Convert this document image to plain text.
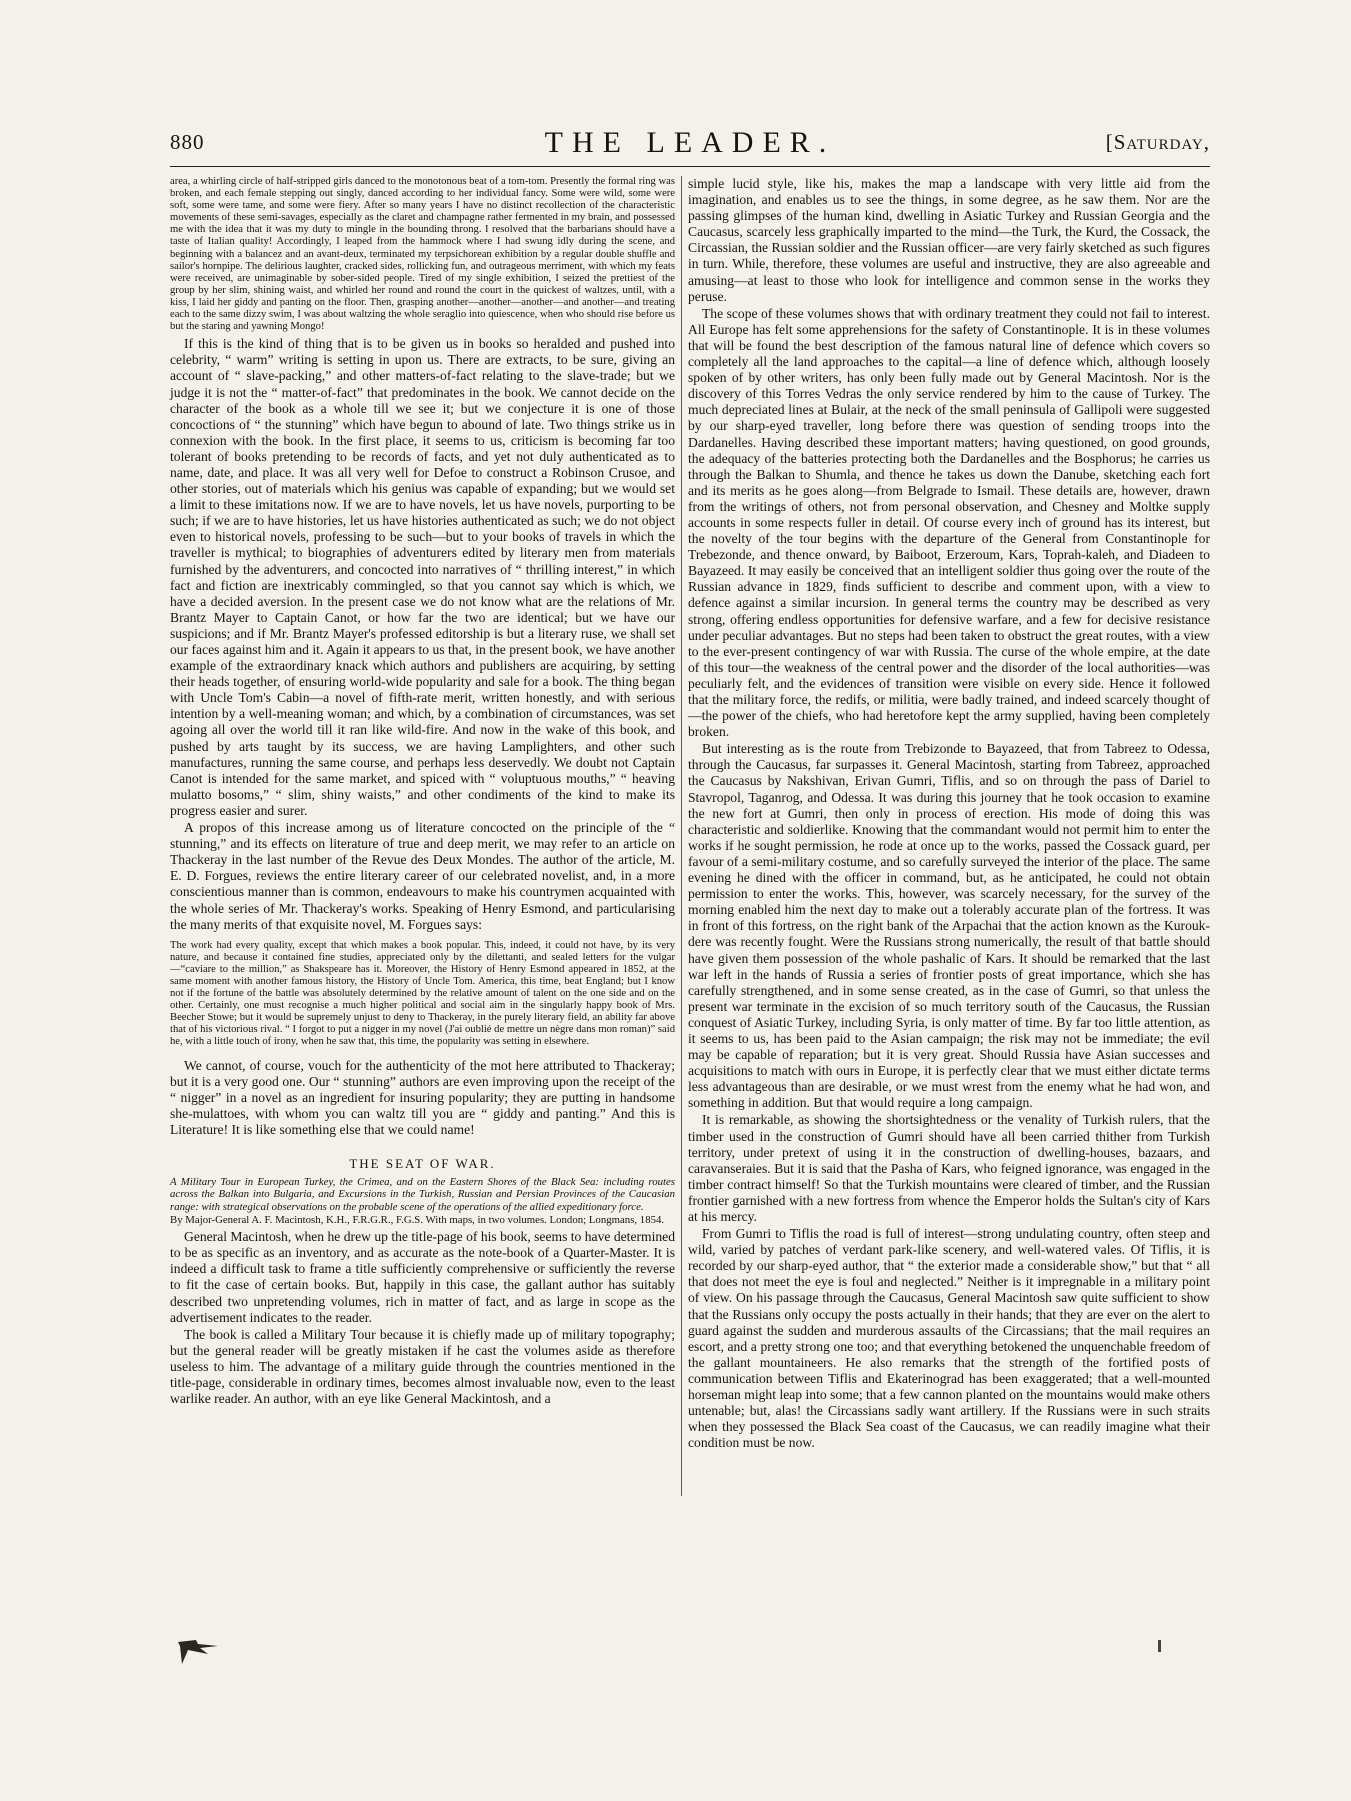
880	THE LEADER.	[Saturday,

area, a whirling circle of half-stripped girls danced to the monotonous beat of a tom-tom. Presently the formal ring was broken, and each female stepping out singly, danced according to her individual fancy. Some were wild, some were soft, some were tame, and some were fiery. After so many years I have no distinct recollection of the characteristic movements of these semi-savages, especially as the claret and champagne rather fermented in my brain, and possessed me with the idea that it was my duty to mingle in the bounding throng. I resolved that the barbarians should have a taste of Italian quality! Accordingly, I leaped from the hammock where I had swung idly during the scene, and beginning with a balancez and an avant-deux, terminated my terpsichorean exhibition by a regular double shuffle and sailor's hornpipe. The delirious laughter, cracked sides, rollicking fun, and outrageous merriment, with which my feats were received, are unimaginable by sober-sided people. Tired of my single exhibition, I seized the prettiest of the group by her slim, shining waist, and whirled her round and round the court in the quickest of waltzes, until, with a kiss, I laid her giddy and panting on the floor. Then, grasping another—another—another—and another—and treating each to the same dizzy swim, I was about waltzing the whole seraglio into quiescence, when who should rise before us but the staring and yawning Mongo!

If this is the kind of thing that is to be given us in books so heralded and pushed into celebrity, “ warm” writing is setting in upon us. There are extracts, to be sure, giving an account of “ slave-packing,” and other matters-of-fact relating to the slave-trade; but we judge it is not the “ matter-of-fact” that predominates in the book. We cannot decide on the character of the book as a whole till we see it; but we conjecture it is one of those concoctions of “ the stunning” which have begun to abound of late. Two things strike us in connexion with the book. In the first place, it seems to us, criticism is becoming far too tolerant of books pretending to be records of facts, and yet not duly authenticated as to name, date, and place. It was all very well for Defoe to construct a Robinson Crusoe, and other stories, out of materials which his genius was capable of expanding; but we would set a limit to these imitations now. If we are to have novels, let us have novels, purporting to be such; if we are to have histories, let us have histories authenticated as such; we do not object even to historical novels, professing to be such—but to your books of travels in which the traveller is mythical; to biographies of adventurers edited by literary men from materials furnished by the adventurers, and concocted into narratives of “ thrilling interest,” in which fact and fiction are inextricably commingled, so that you cannot say which is which, we have a decided aversion. In the present case we do not know what are the relations of Mr. Brantz Mayer to Captain Canot, or how far the two are identical; but we have our suspicions; and if Mr. Brantz Mayer's professed editorship is but a literary ruse, we shall set our faces against him and it. Again it appears to us that, in the present book, we have another example of the extraordinary knack which authors and publishers are acquiring, by setting their heads together, of ensuring world-wide popularity and sale for a book. The thing began with Uncle Tom's Cabin—a novel of fifth-rate merit, written honestly, and with serious intention by a well-meaning woman; and which, by a combination of circumstances, was set agoing all over the world till it ran like wild-fire. And now in the wake of this book, and pushed by arts taught by its success, we are having Lamplighters, and other such manufactures, running the same course, and perhaps less deservedly. We doubt not Captain Canot is intended for the same market, and spiced with “ voluptuous mouths,” “ heaving mulatto bosoms,” “ slim, shiny waists,” and other condiments of the kind to make its progress easier and surer.

A propos of this increase among us of literature concocted on the principle of the “ stunning,” and its effects on literature of true and deep merit, we may refer to an article on Thackeray in the last number of the Revue des Deux Mondes. The author of the article, M. E. D. Forgues, reviews the entire literary career of our celebrated novelist, and, in a more conscientious manner than is common, endeavours to make his countrymen acquainted with the whole series of Mr. Thackeray's works. Speaking of Henry Esmond, and particularising the many merits of that exquisite novel, M. Forgues says:

The work had every quality, except that which makes a book popular. This, indeed, it could not have, by its very nature, and because it contained fine studies, appreciated only by the dilettanti, and sealed letters for the vulgar—“caviare to the million,” as Shakspeare has it. Moreover, the History of Henry Esmond appeared in 1852, at the same moment with another famous history, the History of Uncle Tom. America, this time, beat England; but I know not if the fortune of the battle was absolutely determined by the relative amount of talent on the one side and on the other. Certainly, one must recognise a much higher political and social aim in the singularly happy book of Mrs. Beecher Stowe; but it would be supremely unjust to deny to Thackeray, in the purely literary field, an ability far above that of his victorious rival. “ I forgot to put a nigger in my novel (J'ai oublié de mettre un nègre dans mon roman)” said he, with a little touch of irony, when he saw that, this time, the popularity was setting in elsewhere.

We cannot, of course, vouch for the authenticity of the mot here attributed to Thackeray; but it is a very good one. Our “ stunning” authors are even improving upon the receipt of the “ nigger” in a novel as an ingredient for insuring popularity; they are putting in handsome she-mulattoes, with whom you can waltz till you are “ giddy and panting.” And this is Literature! It is like something else that we could name!

THE SEAT OF WAR.

A Military Tour in European Turkey, the Crimea, and on the Eastern Shores of the Black Sea: including routes across the Balkan into Bulgaria, and Excursions in the Turkish, Russian and Persian Provinces of the Caucasian range: with strategical observations on the probable scene of the operations of the allied expeditionary force.

By Major-General A. F. Macintosh, K.H., F.R.G.R., F.G.S. With maps, in two volumes. London; Longmans, 1854.

General Macintosh, when he drew up the title-page of his book, seems to have determined to be as specific as an inventory, and as accurate as the note-book of a Quarter-Master. It is indeed a difficult task to frame a title sufficiently comprehensive or sufficiently the reverse to fit the case of certain books. But, happily in this case, the gallant author has suitably described two unpretending volumes, rich in matter of fact, and as large in scope as the advertisement indicates to the reader.

The book is called a Military Tour because it is chiefly made up of military topography; but the general reader will be greatly mistaken if he cast the volumes aside as therefore useless to him. The advantage of a military guide through the countries mentioned in the title-page, considerable in ordinary times, becomes almost invaluable now, even to the least warlike reader. An author, with an eye like General Mackintosh, and a

simple lucid style, like his, makes the map a landscape with very little aid from the imagination, and enables us to see the things, in some degree, as he saw them. Nor are the passing glimpses of the human kind, dwelling in Asiatic Turkey and Russian Georgia and the Caucasus, scarcely less graphically imparted to the mind—the Turk, the Kurd, the Cossack, the Circassian, the Russian soldier and the Russian officer—are very fairly sketched as such figures in turn. While, therefore, these volumes are useful and instructive, they are also agreeable and amusing—at least to those who look for intelligence and common sense in the works they peruse.

The scope of these volumes shows that with ordinary treatment they could not fail to interest. All Europe has felt some apprehensions for the safety of Constantinople. It is in these volumes that will be found the best description of the famous natural line of defence which covers so completely all the land approaches to the capital—a line of defence which, although loosely spoken of by other writers, has only been fully made out by General Macintosh. Nor is the discovery of this Torres Vedras the only service rendered by him to the cause of Turkey. The much depreciated lines at Bulair, at the neck of the small peninsula of Gallipoli were suggested by our sharp-eyed traveller, long before there was question of sending troops into the Dardanelles. Having described these important matters; having questioned, on good grounds, the adequacy of the batteries protecting both the Dardanelles and the Bosphorus; he carries us through the Balkan to Shumla, and thence he takes us down the Danube, sketching each fort and its merits as he goes along—from Belgrade to Ismail. These details are, however, drawn from the writings of others, not from personal observation, and Chesney and Moltke supply accounts in some respects fuller in detail. Of course every inch of ground has its interest, but the novelty of the tour begins with the departure of the General from Constantinople for Trebezonde, and thence onward, by Baiboot, Erzeroum, Kars, Toprah-kaleh, and Diadeen to Bayazeed. It may easily be conceived that an intelligent soldier thus going over the route of the Russian advance in 1829, finds sufficient to describe and comment upon, with a view to defence against a similar incursion. In general terms the country may be described as very strong, offering endless opportunities for defensive warfare, and a few for decisive resistance under peculiar advantages. But no steps had been taken to obstruct the great routes, with a view to the ever-present contingency of war with Russia. The curse of the whole empire, at the date of this tour—the weakness of the central power and the disorder of the local authorities—was peculiarly felt, and the evidences of transition were visible on every side. Hence it followed that the military force, the redifs, or militia, were badly trained, and indeed scarcely thought of—the power of the chiefs, who had heretofore kept the army supplied, having been completely broken.

But interesting as is the route from Trebizonde to Bayazeed, that from Tabreez to Odessa, through the Caucasus, far surpasses it. General Macintosh, starting from Tabreez, approached the Caucasus by Nakshivan, Erivan Gumri, Tiflis, and so on through the pass of Dariel to Stavropol, Taganrog, and Odessa. It was during this journey that he took occasion to examine the new fort at Gumri, then only in process of erection. His mode of doing this was characteristic and soldierlike. Knowing that the commandant would not permit him to enter the works if he sought permission, he rode at once up to the works, passed the Cossack guard, per favour of a semi-military costume, and so carefully surveyed the interior of the place. The same evening he dined with the officer in command, but, as he anticipated, he could not obtain permission to enter the works. This, however, was scarcely necessary, for the survey of the morning enabled him the next day to make out a tolerably accurate plan of the fortress. It was in front of this fortress, on the right bank of the Arpachai that the action known as the Kurouk-dere was recently fought. Were the Russians strong numerically, the result of that battle should have given them possession of the whole pashalic of Kars. It should be remarked that the last war left in the hands of Russia a series of frontier posts of great importance, which she has carefully strengthened, and in some sense created, as in the case of Gumri, so that unless the present war terminate in the excision of so much territory south of the Caucasus, the Russian conquest of Asiatic Turkey, including Syria, is only matter of time. By far too little attention, as it seems to us, has been paid to the Asian campaign; the risk may not be immediate; the evil may be capable of reparation; but it is very great. Should Russia have Asian successes and acquisitions to match with ours in Europe, it is perfectly clear that we must either dictate terms less advantageous than are desirable, or we must wrest from the enemy what he had won, and something in addition. But that would require a long campaign.

It is remarkable, as showing the shortsightedness or the venality of Turkish rulers, that the timber used in the construction of Gumri should have all been carried thither from Turkish territory, under pretext of using it in the construction of dwelling-houses, bazaars, and caravanseraies. But it is said that the Pasha of Kars, who feigned ignorance, was engaged in the timber contract himself! So that the Turkish mountains were cleared of timber, and the Russian frontier garnished with a new fortress from whence the Emperor holds the Sultan's city of Kars at his mercy.

From Gumri to Tiflis the road is full of interest—strong undulating country, often steep and wild, varied by patches of verdant park-like scenery, and well-watered vales. Of Tiflis, it is recorded by our sharp-eyed author, that “ the exterior made a considerable show,” but that “ all that does not meet the eye is foul and neglected.” Neither is it impregnable in a military point of view. On his passage through the Caucasus, General Macintosh saw quite sufficient to show that the Russians only occupy the posts actually in their hands; that they are ever on the alert to guard against the sudden and murderous assaults of the Circassians; that the mail requires an escort, and a pretty strong one too; and that everything betokened the unquenchable freedom of the gallant mountaineers. He also remarks that the strength of the fortified posts of communication between Tiflis and Ekaterinograd has been exaggerated; that a well-mounted horseman might leap into some; that a few cannon planted on the mountains would make others untenable; but, alas! the Circassians sadly want artillery. If the Russians were in such straits when they possessed the Black Sea coast of the Caucasus, we can readily imagine what their condition must be now.
